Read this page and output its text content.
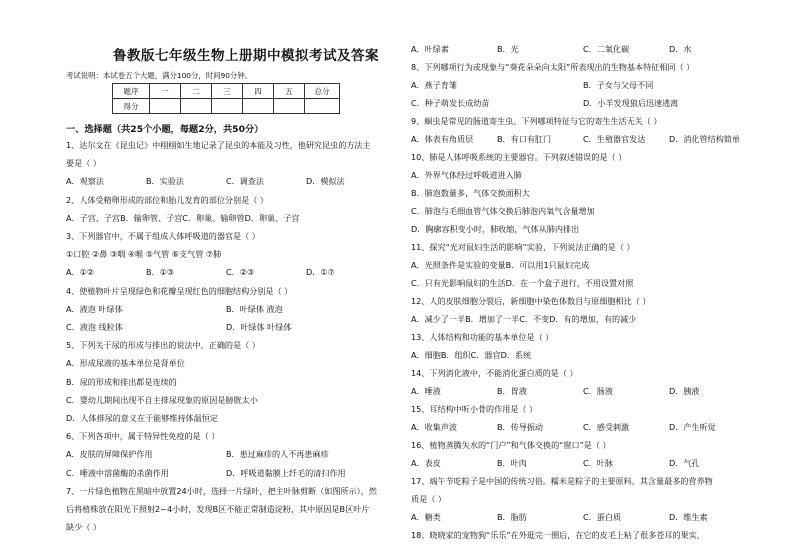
鲁教版七年级生物上册期中模拟考试及答案
考试说明：本试卷五个大题，满分100分，时间90分钟。
题序	一	二	三	四	五	总分
得分						
一、选择题（共25个小题，每题2分，共50分）
1、达尔文在《昆虫记》中栩栩如生地记录了昆虫的本能及习性，他研究昆虫的方法主
要是（ ）
A．观察法	B．实验法	C．调查法	D．模拟法
2、人体受精卵形成的部位和胎儿发育的部位分别是（ ）
A．子宫、子宫B．输卵管、子宫C．卵巢、输卵管D．卵巢、子宫
3、下列器官中，不属于组成人体呼吸道的器官是（ ）
①口腔 ②鼻 ③咽 ④喉 ⑤气管 ⑥支气管 ⑦肺
A．①②	B．①③	C．②③	D．①⑦
4、使植物叶片呈现绿色和花瓣呈现红色的细胞结构分别是（ ）
A．液泡 叶绿体	B．叶绿体 液泡
C．液泡 线粒体	D．叶绿体 叶绿体
5、下列关于尿的形成与排出的说法中，正确的是（ ）
A．形成尿液的基本单位是肾单位
B．尿的形成和排出都是连续的
C．婴幼儿期间出现不自主排尿现象的原因是膀胱太小
D．人体排尿的意义在于能够维持体温恒定
6、下列各项中，属于特异性免疫的是（ ）
A．皮肤的屏障保护作用	B．患过麻疹的人不再患麻疹
C．唾液中溶菌酶的杀菌作用	D．呼吸道黏膜上纤毛的清扫作用
7、一片绿色植物在黑暗中放置24小时，选择一片绿叶，把主叶脉剪断（如图所示），然
后将植株放在阳光下照射2~4小时，发现B区不能正常制造淀粉，其中原因是B区叶片
缺少（ ）
A．叶绿素	B．光	C．二氧化碳	D．水
8、下列哪项行为或现象与“葵花朵朵向太阳”所表现出的生物基本特征相同（ ）
A．燕子育雏	B．子女与父母不同
C．种子萌发长成幼苗	D．小羊发现狼后迅速逃离
9、蛔虫是常见的肠道寄生虫。下列哪项特征与它的寄生生活无关（ ）
A．体表有角质层	B．有口有肛门	C．生殖器官发达	D．消化管结构简单
10、肺是人体呼吸系统的主要器官。下列叙述错误的是（ ）
A．外界气体经过呼吸道进入肺
B．肺泡数量多，气体交换面积大
C．肺泡与毛细血管气体交换后肺泡内氧气含量增加
D．胸廓容积变小时，肺收缩，气体从肺内排出
11、探究“光对鼠妇生活的影响”实验，下列说法正确的是（ ）
A．光照条件是实验的变量B．可以用1只鼠妇完成
C．只有光影响鼠妇的生活D．在一个盒子进行，不用设置对照
12、人的皮肤细胞分裂后，新细胞中染色体数目与原细胞相比（ ）
A．减少了一半B．增加了一半C．不变D．有的增加，有的减少
13、人体结构和功能的基本单位是（ ）
A．细胞B．组织C．器官D．系统
14、下列消化液中，不能消化蛋白质的是（ ）
A．唾液	B．胃液	C．肠液	D．胰液
15、耳结构中听小骨的作用是（ ）
A．收集声波	B．传导振动	C．感受刺激	D．产生听觉
16、植物蒸腾失水的“门户”和气体交换的“窗口”是（ ）
A．表皮	B．叶肉	C．叶脉	D．气孔
17、端午节吃粽子是中国的传统习俗。糯米是粽子的主要原料，其含量最多的营养物
质是（ ）
A．糖类	B．脂肪	C．蛋白质	D．维生素
18、晓晓家的宠物狗“乐乐”在外逛完一圈后，在它的皮毛上粘了很多苍耳的果实，
